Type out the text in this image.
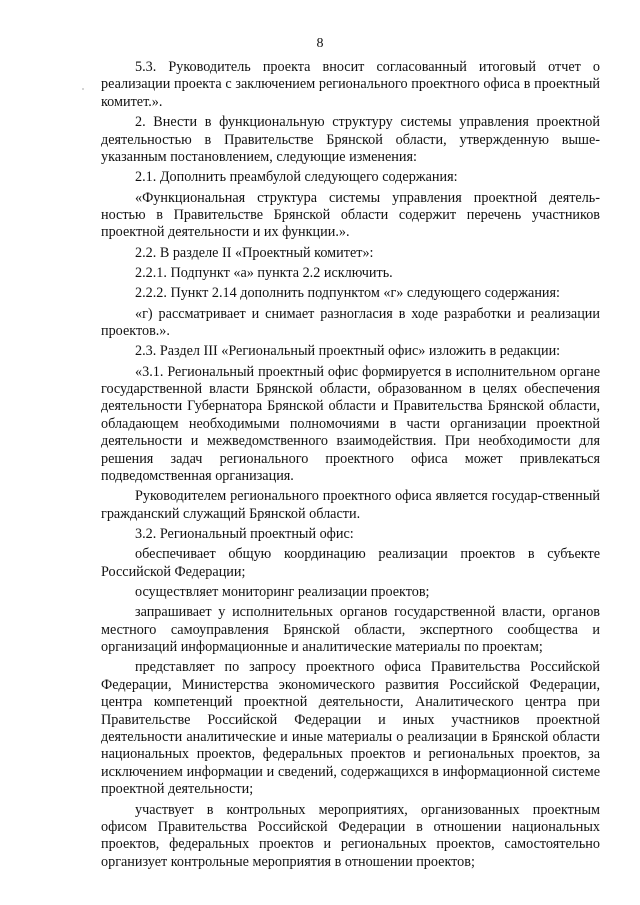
8

5.3. Руководитель проекта вносит согласованный итоговый отчет о реализации проекта с заключением регионального проектного офиса в проектный комитет.».

2. Внести в функциональную структуру системы управления проектной деятельностью в Правительстве Брянской области, утвержденную выше-указанным постановлением, следующие изменения:

2.1. Дополнить преамбулой следующего содержания:

«Функциональная структура системы управления проектной деятель-ностью в Правительстве Брянской области содержит перечень участников проектной деятельности и их функции.».

2.2. В разделе II «Проектный комитет»:

2.2.1. Подпункт «а» пункта 2.2 исключить.

2.2.2. Пункт 2.14 дополнить подпунктом «г» следующего содержания:

«г) рассматривает и снимает разногласия в ходе разработки и реализации проектов.».

2.3. Раздел III «Региональный проектный офис» изложить в редакции:

«3.1. Региональный проектный офис формируется в исполнительном органе государственной власти Брянской области, образованном в целях обеспечения деятельности Губернатора Брянской области и Правительства Брянской области, обладающем необходимыми полномочиями в части организации проектной деятельности и межведомственного взаимодействия. При необходимости для решения задач регионального проектного офиса может привлекаться подведомственная организация.

Руководителем регионального проектного офиса является государ-ственный гражданский служащий Брянской области.

3.2. Региональный проектный офис:

обеспечивает общую координацию реализации проектов в субъекте Российской Федерации;

осуществляет мониторинг реализации проектов;

запрашивает у исполнительных органов государственной власти, органов местного самоуправления Брянской области, экспертного сообщества и организаций информационные и аналитические материалы по проектам;

представляет по запросу проектного офиса Правительства Российской Федерации, Министерства экономического развития Российской Федерации, центра компетенций проектной деятельности, Аналитического центра при Правительстве Российской Федерации и иных участников проектной деятельности аналитические и иные материалы о реализации в Брянской области национальных проектов, федеральных проектов и региональных проектов, за исключением информации и сведений, содержащихся в информационной системе проектной деятельности;

участвует в контрольных мероприятиях, организованных проектным офисом Правительства Российской Федерации в отношении национальных проектов, федеральных проектов и региональных проектов, самостоятельно организует контрольные мероприятия в отношении проектов;
